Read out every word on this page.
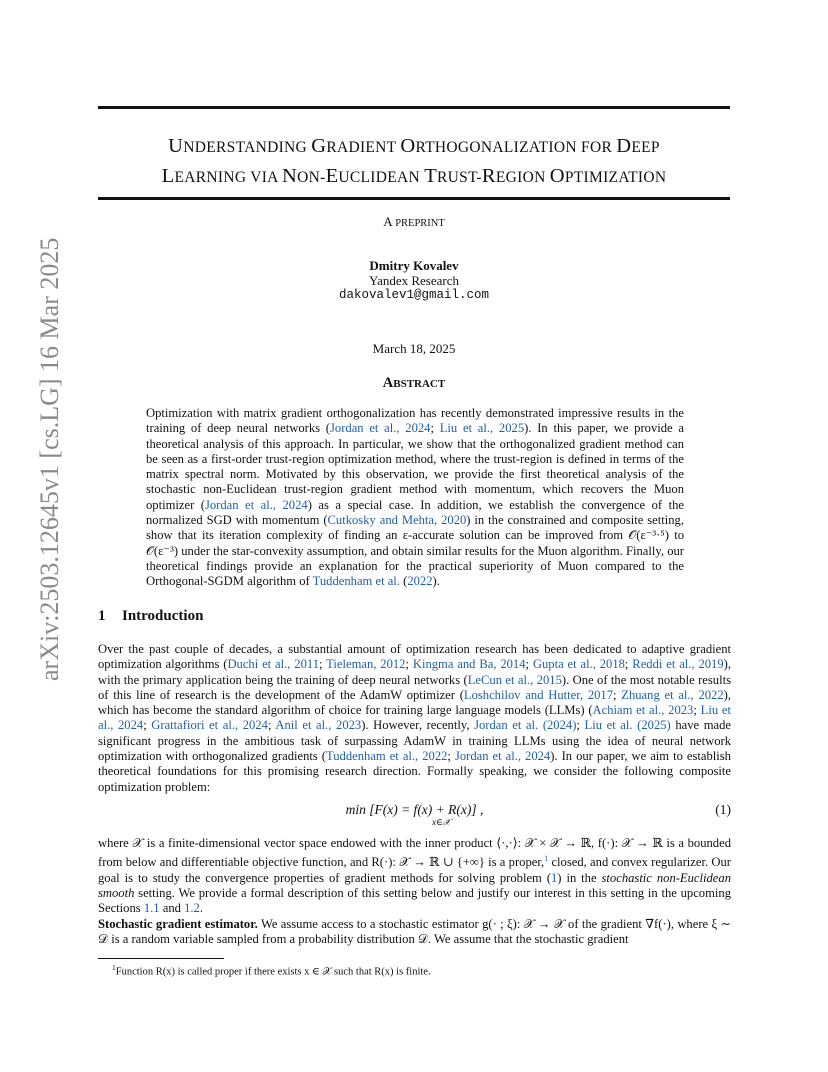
arXiv:2503.12645v1 [cs.LG] 16 Mar 2025
UNDERSTANDING GRADIENT ORTHOGONALIZATION FOR DEEP
LEARNING VIA NON-EUCLIDEAN TRUST-REGION OPTIMIZATION
A PREPRINT
Dmitry Kovalev
Yandex Research
dakovalev1@gmail.com
March 18, 2025
ABSTRACT
Optimization with matrix gradient orthogonalization has recently demonstrated impressive results in the training of deep neural networks (Jordan et al., 2024; Liu et al., 2025). In this paper, we provide a theoretical analysis of this approach. In particular, we show that the orthogonalized gradient method can be seen as a first-order trust-region optimization method, where the trust-region is defined in terms of the matrix spectral norm. Motivated by this observation, we provide the first theoretical analysis of the stochastic non-Euclidean trust-region gradient method with momentum, which recovers the Muon optimizer (Jordan et al., 2024) as a special case. In addition, we establish the convergence of the normalized SGD with momentum (Cutkosky and Mehta, 2020) in the constrained and composite setting, show that its iteration complexity of finding an ε-accurate solution can be improved from 𝒪(ε⁻³·⁵) to 𝒪(ε⁻³) under the star-convexity assumption, and obtain similar results for the Muon algorithm. Finally, our theoretical findings provide an explanation for the practical superiority of Muon compared to the Orthogonal-SGDM algorithm of Tuddenham et al. (2022).
1 Introduction
Over the past couple of decades, a substantial amount of optimization research has been dedicated to adaptive gradient optimization algorithms (Duchi et al., 2011; Tieleman, 2012; Kingma and Ba, 2014; Gupta et al., 2018; Reddi et al., 2019), with the primary application being the training of deep neural networks (LeCun et al., 2015). One of the most notable results of this line of research is the development of the AdamW optimizer (Loshchilov and Hutter, 2017; Zhuang et al., 2022), which has become the standard algorithm of choice for training large language models (LLMs) (Achiam et al., 2023; Liu et al., 2024; Grattafiori et al., 2024; Anil et al., 2023). However, recently, Jordan et al. (2024); Liu et al. (2025) have made significant progress in the ambitious task of surpassing AdamW in training LLMs using the idea of neural network optimization with orthogonalized gradients (Tuddenham et al., 2022; Jordan et al., 2024). In our paper, we aim to establish theoretical foundations for this promising research direction. Formally speaking, we consider the following composite optimization problem:
min [F(x) = f(x) + R(x)] ,
x∈𝒳
(1)
where 𝒳 is a finite-dimensional vector space endowed with the inner product ⟨·,·⟩: 𝒳 × 𝒳 → ℝ, f(·): 𝒳 → ℝ is a bounded from below and differentiable objective function, and R(·): 𝒳 → ℝ ∪ {+∞} is a proper,$^1$ closed, and convex regularizer. Our goal is to study the convergence properties of gradient methods for solving problem (1) in the stochastic non-Euclidean smooth setting. We provide a formal description of this setting below and justify our interest in this setting in the upcoming Sections 1.1 and 1.2.
Stochastic gradient estimator. We assume access to a stochastic estimator g(· ; ξ): 𝒳 → 𝒳 of the gradient ∇f(·), where ξ ∼ 𝒟 is a random variable sampled from a probability distribution 𝒟. We assume that the stochastic gradient
$^1$Function R(x) is called proper if there exists x ∈ 𝒳 such that R(x) is finite.
